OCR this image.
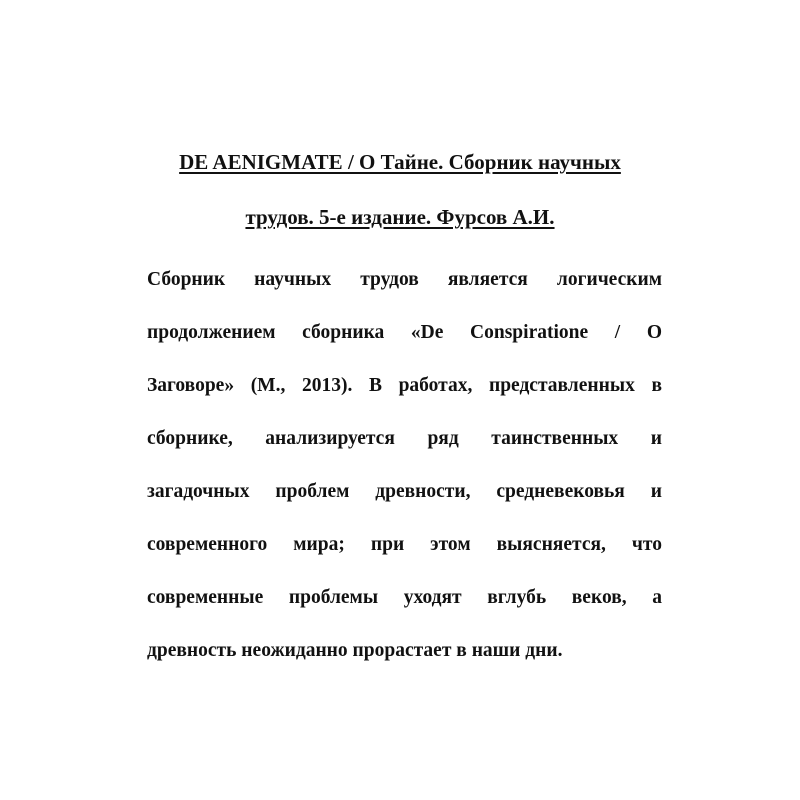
DE AENIGMATE / О Тайне. Сборник научных

трудов. 5-е издание. Фурсов А.И.

Сборник научных трудов является логическим

продолжением сборника «De Conspiratione / О

Заговоре» (М., 2013). В работах, представленных в

сборнике, анализируется ряд таинственных и

загадочных проблем древности, средневековья и

современного мира; при этом выясняется, что

современные проблемы уходят вглубь веков, а

древность неожиданно прорастает в наши дни.
